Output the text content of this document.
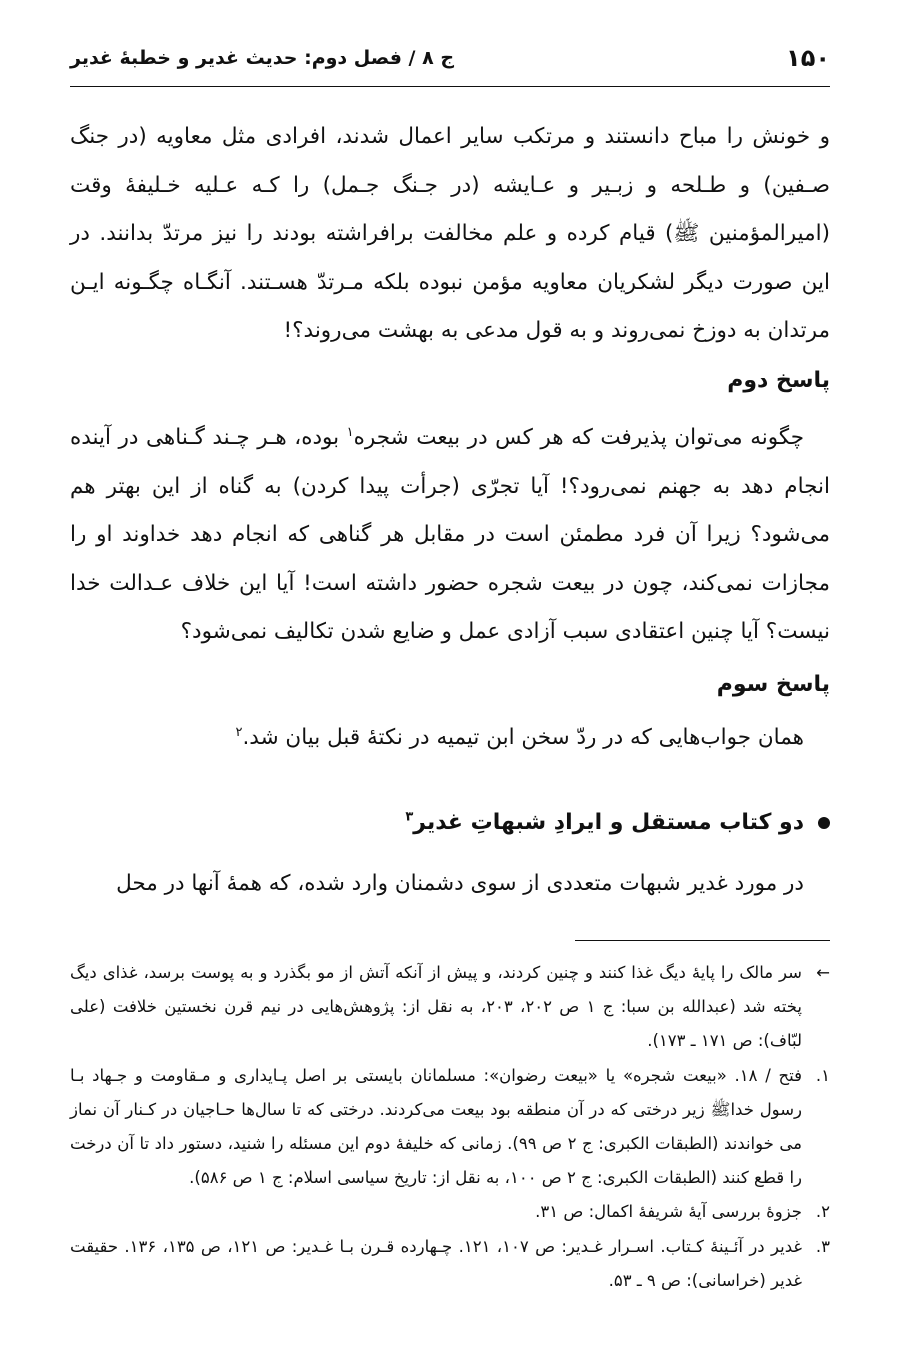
۱۵۰
ج ۸ / فصل دوم: حدیث غدیر و خطبهٔ غدیر
و خونش را مباح دانستند و مرتکب سایر اعمال شدند، افرادی مثل معاویه (در جنگ صـفین) و طـلحه و زبـیر و عـایشه (در جـنگ جـمل) را کـه عـلیه خـلیفهٔ وقت (امیرالمؤمنین ﷺ) قیام کرده و علم مخالفت برافراشته بودند را نیز مرتدّ بدانند. در این صورت دیگر لشکریان معاویه مؤمن نبوده بلکه مـرتدّ هسـتند. آنگـاه چگـونه ایـن مرتدان به دوزخ نمی‌روند و به قول مدعی به بهشت می‌روند؟!
پاسخ دوم
چگونه می‌توان پذیرفت که هر کس در بیعت شجره$^۱$ بوده، هـر چـند گـناهی در آینده انجام دهد به جهنم نمی‌رود؟! آیا تجرّی (جرأت پیدا کردن) به گناه از این بهتر هم می‌شود؟ زیرا آن فرد مطمئن است در مقابل هر گناهی که انجام دهد خداوند او را مجازات نمی‌کند، چون در بیعت شجره حضور داشته است! آیا این خلاف عـدالت خدا نیست؟ آیا چنین اعتقادی سبب آزادی عمل و ضایع شدن تکالیف نمی‌شود؟
پاسخ سوم
همان جواب‌هایی که در ردّ سخن ابن تیمیه در نکتهٔ قبل بیان شد.$^۲$
دو کتاب مستقل و ایرادِ شبهاتِ غدیر$^۳$
در مورد غدیر شبهات متعددی از سوی دشمنان وارد شده، که همهٔ آنها در محل
←سر مالک را پایهٔ دیگ غذا کنند و چنین کردند، و پیش از آنکه آتش از مو بگذرد و به پوست برسد، غذای دیگ پخته شد (عبدالله بن سبا: ج ۱ ص ۲۰۲، ۲۰۳، به نقل از: پژوهش‌هایی در نیم قرن نخستین خلافت (علی لبّاف): ص ۱۷۱ ـ ۱۷۳).
۱.فتح / ۱۸. «بیعت شجره» یا «بیعت رضوان»: مسلمانان بایستی بر اصل پـایداری و مـقاومت و جـهاد بـا رسول خداﷺ زیر درختی که در آن منطقه بود بیعت می‌کردند. درختی که تا سال‌ها حـاجیان در کـنار آن نماز می خواندند (الطبقات الکبری: ج ۲ ص ۹۹). زمانی که خلیفهٔ دوم این مسئله را شنید، دستور داد تا آن درخت را قطع کنند (الطبقات الکبری: ج ۲ ص ۱۰۰، به نقل از: تاریخ سیاسی اسلام: ج ۱ ص ۵۸۶).
۲.جزوهٔ بررسی آیهٔ شریفهٔ اکمال: ص ۳۱.
۳.غدیر در آئـینهٔ کـتاب. اسـرار غـدیر: ص ۱۰۷، ۱۲۱. چـهارده قـرن بـا غـدیر: ص ۱۲۱، ص ۱۳۵، ۱۳۶. حقیقت غدیر (خراسانی): ص ۹ ـ ۵۳.
